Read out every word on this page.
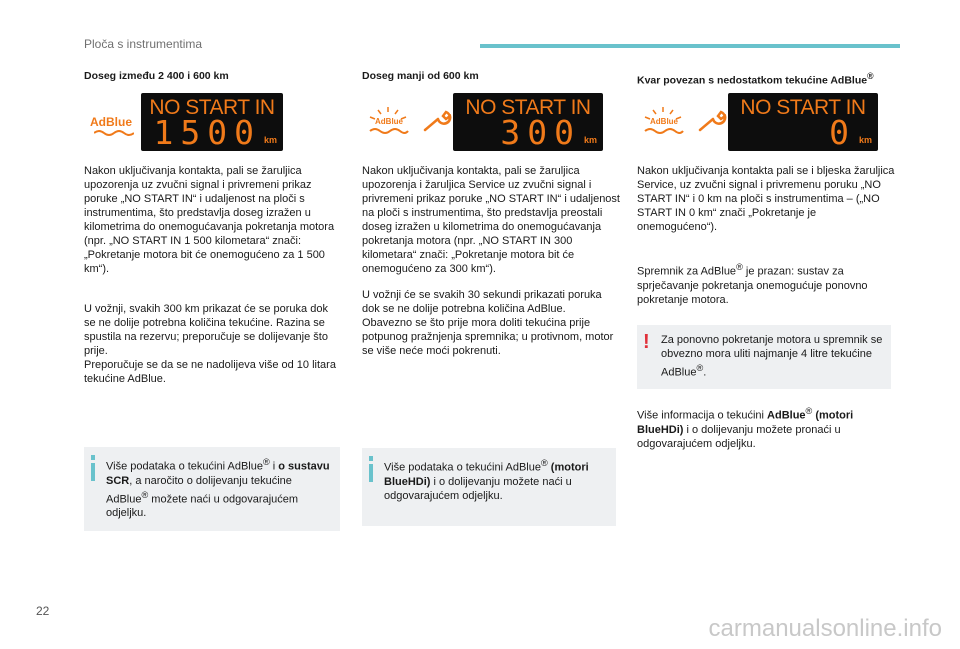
Ploča s instrumentima
Doseg između 2 400 i 600 km
AdBlue
NO START IN
1500 km

Nakon uključivanja kontakta, pali se žaruljica upozorenja uz zvučni signal i privremeni prikaz poruke „NO START IN“ i udaljenost na ploči s instrumentima, što predstavlja doseg izražen u kilometrima do onemogućavanja pokretanja motora (npr. „NO START IN 1 500 kilometara“ znači: „Pokretanje motora bit će onemogućeno za 1 500 km“).

U vožnji, svakih 300 km prikazat će se poruka dok se ne dolije potrebna količina tekućine. Razina se spustila na rezervu; preporučuje se dolijevanje što prije.

Preporučuje se da se ne nadolijeva više od 10 litara tekućine AdBlue.

Više podataka o tekućini AdBlue® i o sustavu SCR, a naročito o dolijevanju tekućine AdBlue® možete naći u odgovarajućem odjeljku.
Doseg manji od 600 km
AdBlue
NO START IN
300 km

Nakon uključivanja kontakta, pali se žaruljica upozorenja i žaruljica Service uz zvučni signal i privremeni prikaz poruke „NO START IN“ i udaljenost na ploči s instrumentima, što predstavlja preostali doseg izražen u kilometrima do onemogućavanja pokretanja motora (npr. „NO START IN 300 kilometara“ znači: „Pokretanje motora bit će onemogućeno za 300 km“).

U vožnji će se svakih 30 sekundi prikazati poruka dok se ne dolije potrebna količina AdBlue.

Obavezno se što prije mora doliti tekućina prije potpunog pražnjenja spremnika; u protivnom, motor se više neće moći pokrenuti.

Više podataka o tekućini AdBlue® (motori BlueHDi) i o dolijevanju možete naći u odgovarajućem odjeljku.
Kvar povezan s nedostatkom tekućine AdBlue®
AdBlue
NO START IN
0 km

Nakon uključivanja kontakta pali se i bljeska žaruljica Service, uz zvučni signal i privremenu poruku „NO START IN“ i 0 km na ploči s instrumentima – („NO START IN 0 km“ znači „Pokretanje je onemogućeno“).

Spremnik za AdBlue® je prazan: sustav za sprječavanje pokretanja onemogućuje ponovno pokretanje motora.

! Za ponovno pokretanje motora u spremnik se obvezno mora uliti najmanje 4 litre tekućine AdBlue®.

Više informacija o tekućini AdBlue® (motori BlueHDi) i o dolijevanju možete pronaći u odgovarajućem odjeljku.

22
carmanualsonline.info
